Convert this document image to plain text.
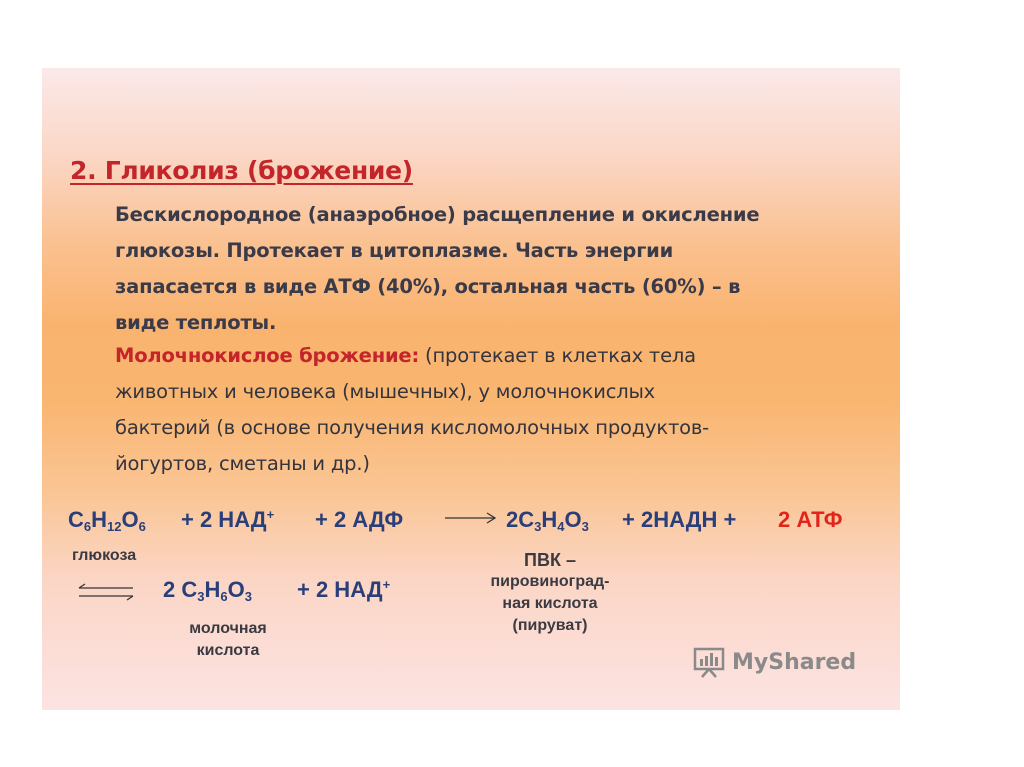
2. Гликолиз (брожение)
Бескислородное (анаэробное) расщепление и окисление
глюкозы. Протекает в цитоплазме. Часть энергии
запасается в виде АТФ (40%), остальная часть (60%) – в
виде теплоты.
Молочнокислое брожение: (протекает в клетках тела
животных и человека (мышечных), у молочнокислых
бактерий (в основе получения кисломолочных продуктов-
йогуртов, сметаны и др.)
$C_6H_{12}O_6 + 2$ НАД+ + 2 АДФ → $2C_3H_4O_3$ + 2НАДН + 2 АТФ
глюкоза	ПВК –
пировиноград-
ная кислота
(пируват)
2 $C_3H_6O_3 + 2$ НАД+
молочная
кислота	MyShared
